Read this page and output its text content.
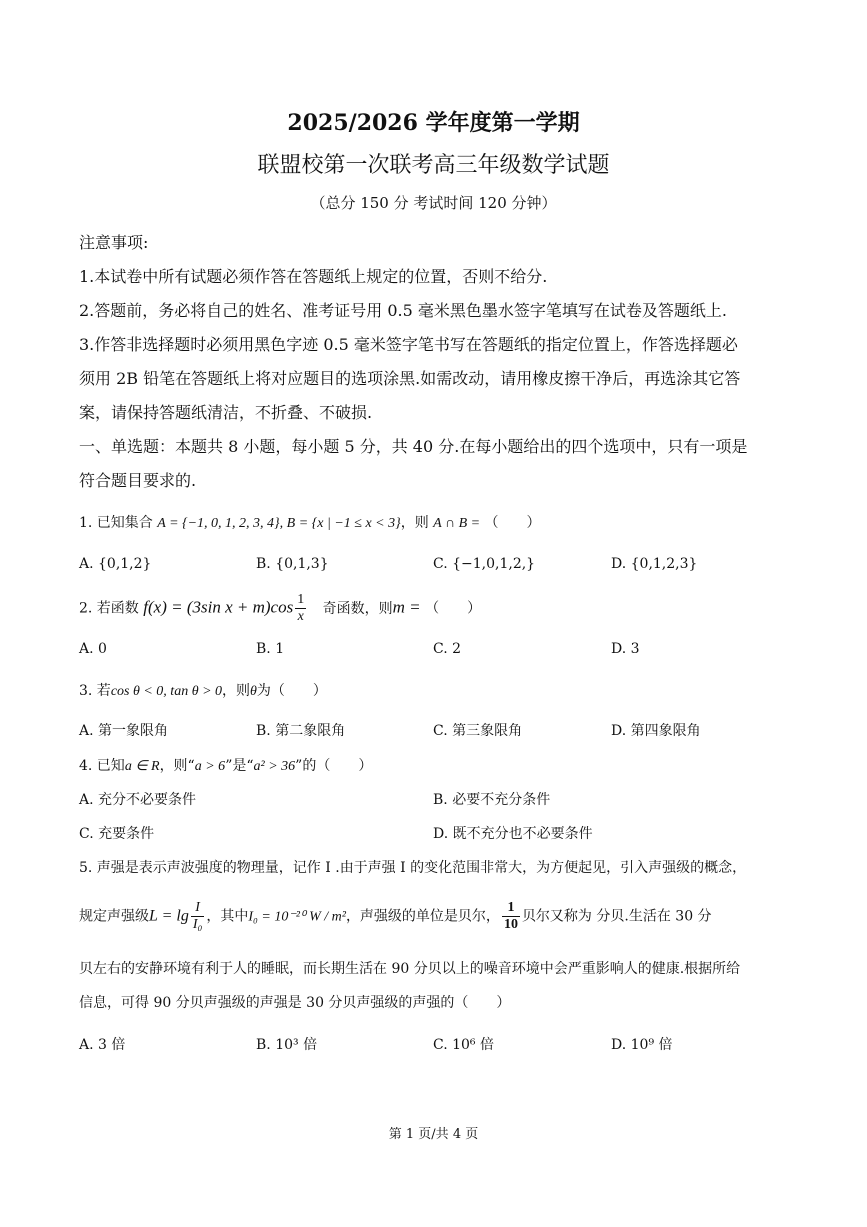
2025/2026 学年度第一学期
联盟校第一次联考高三年级数学试题
（总分 150 分 考试时间 120 分钟）
注意事项:
1.本试卷中所有试题必须作答在答题纸上规定的位置，否则不给分.
2.答题前，务必将自己的姓名、准考证号用 0.5 毫米黑色墨水签字笔填写在试卷及答题纸上.
3.作答非选择题时必须用黑色字迹 0.5 毫米签字笔书写在答题纸的指定位置上，作答选择题必
须用 2B 铅笔在答题纸上将对应题目的选项涂黑.如需改动，请用橡皮擦干净后，再选涂其它答
案，请保持答题纸清洁，不折叠、不破损.
一、单选题：本题共 8 小题，每小题 5 分，共 40 分.在每小题给出的四个选项中，只有一项是
符合题目要求的.
1. 已知集合 A = {−1, 0, 1, 2, 3, 4}, B = {x | −1 ≤ x < 3}，则 A ∩ B = （　　）
A. {0,1,2}	B. {0,1,3}	C. {−1,0,1,2,}	D. {0,1,2,3}
2. 若函数 f(x) = (3sin $x + m)\cos \frac{1}{x}$ 奇函数，则m = （　　）
A. 0	B. 1	C. 2	D. 3
3. 若cos θ < 0, tan θ > 0，则θ为（　　）
A. 第一象限角	B. 第二象限角	C. 第三象限角	D. 第四象限角
4. 已知a ∈ R，则“a > 6”是“a² > 36”的（　　）
A. 充分不必要条件	B. 必要不充分条件
C. 充要条件	D. 既不充分也不必要条件
5. 声强是表示声波强度的物理量，记作 I .由于声强 I 的变化范围非常大，为方便起见，引入声强级的概念，
规定声强级$L = \lg \frac{I}{\text{I₀}}$ ，其中I₀ = 10⁻²⁰ W / m²，声强级的单位是贝尔， $\frac{1}{10}$ 贝尔又称为 分贝.生活在 30 分
贝左右的安静环境有利于人的睡眠，而长期生活在 90 分贝以上的噪音环境中会严重影响人的健康.根据所给
信息，可得 90 分贝声强级的声强是 30 分贝声强级的声强的（　　）
A. 3 倍	B. 10³ 倍	C. 10⁶ 倍	D. 10⁹ 倍
第 1 页/共 4 页
